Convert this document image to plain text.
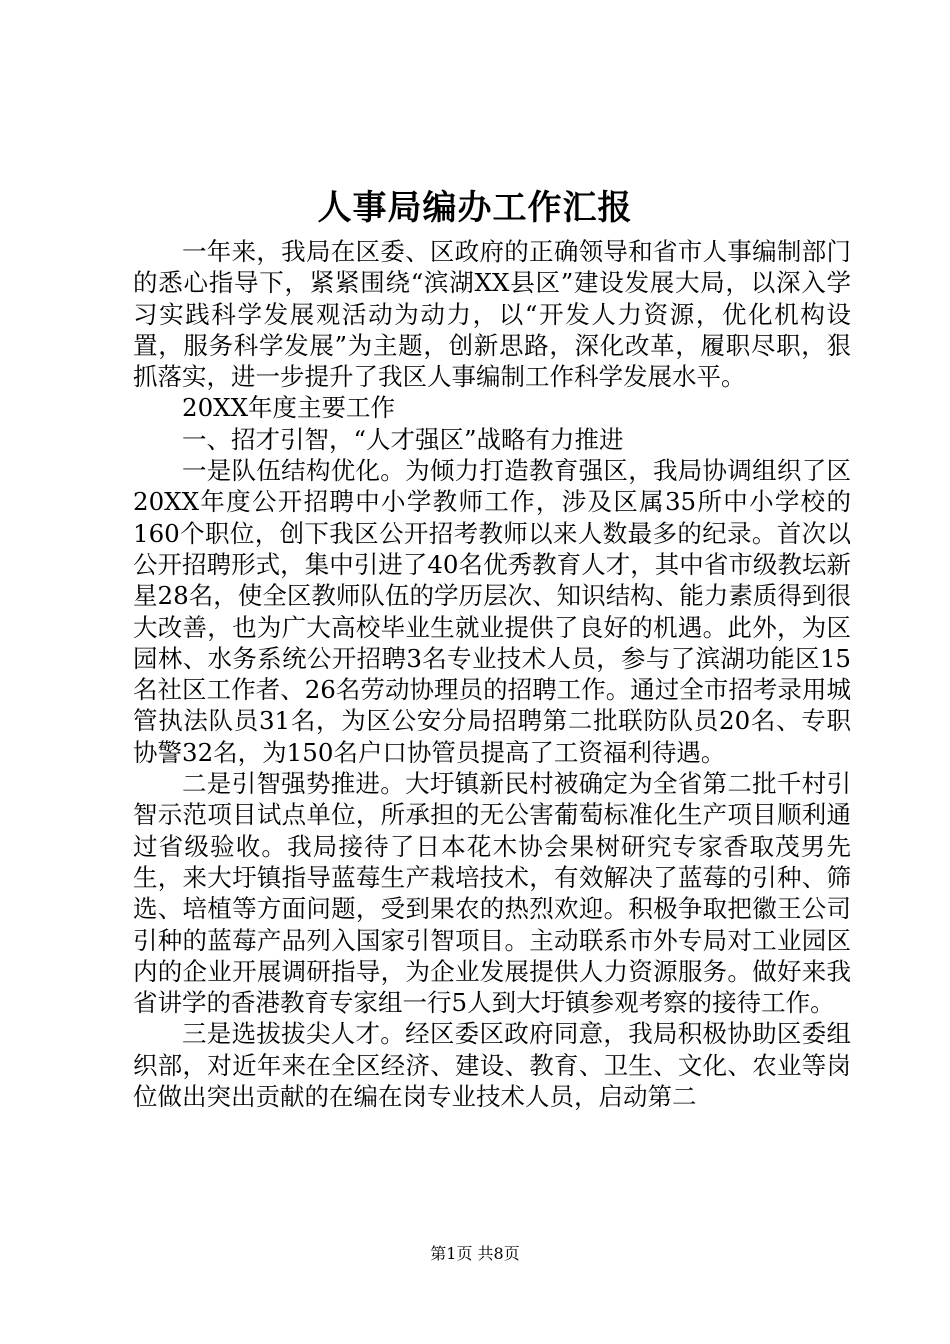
人事局编办工作汇报

一年来，我局在区委、区政府的正确领导和省市人事编制部门的悉心指导下，紧紧围绕“滨湖XX县区”建设发展大局，以深入学习实践科学发展观活动为动力，以“开发人力资源，优化机构设置，服务科学发展”为主题，创新思路，深化改革，履职尽职，狠抓落实，进一步提升了我区人事编制工作科学发展水平。

20XX年度主要工作

一、招才引智，“人才强区”战略有力推进

一是队伍结构优化。为倾力打造教育强区，我局协调组织了区20XX年度公开招聘中小学教师工作，涉及区属35所中小学校的160个职位，创下我区公开招考教师以来人数最多的纪录。首次以公开招聘形式，集中引进了40名优秀教育人才，其中省市级教坛新星28名，使全区教师队伍的学历层次、知识结构、能力素质得到很大改善，也为广大高校毕业生就业提供了良好的机遇。此外，为区园林、水务系统公开招聘3名专业技术人员，参与了滨湖功能区15名社区工作者、26名劳动协理员的招聘工作。通过全市招考录用城管执法队员31名，为区公安分局招聘第二批联防队员20名、专职协警32名，为150名户口协管员提高了工资福利待遇。

二是引智强势推进。大圩镇新民村被确定为全省第二批千村引智示范项目试点单位，所承担的无公害葡萄标准化生产项目顺利通过省级验收。我局接待了日本花木协会果树研究专家香取茂男先生，来大圩镇指导蓝莓生产栽培技术，有效解决了蓝莓的引种、筛选、培植等方面问题，受到果农的热烈欢迎。积极争取把徽王公司引种的蓝莓产品列入国家引智项目。主动联系市外专局对工业园区内的企业开展调研指导，为企业发展提供人力资源服务。做好来我省讲学的香港教育专家组一行5人到大圩镇参观考察的接待工作。

三是选拔拔尖人才。经区委区政府同意，我局积极协助区委组织部，对近年来在全区经济、建设、教育、卫生、文化、农业等岗位做出突出贡献的在编在岗专业技术人员，启动第二

第1页 共8页
